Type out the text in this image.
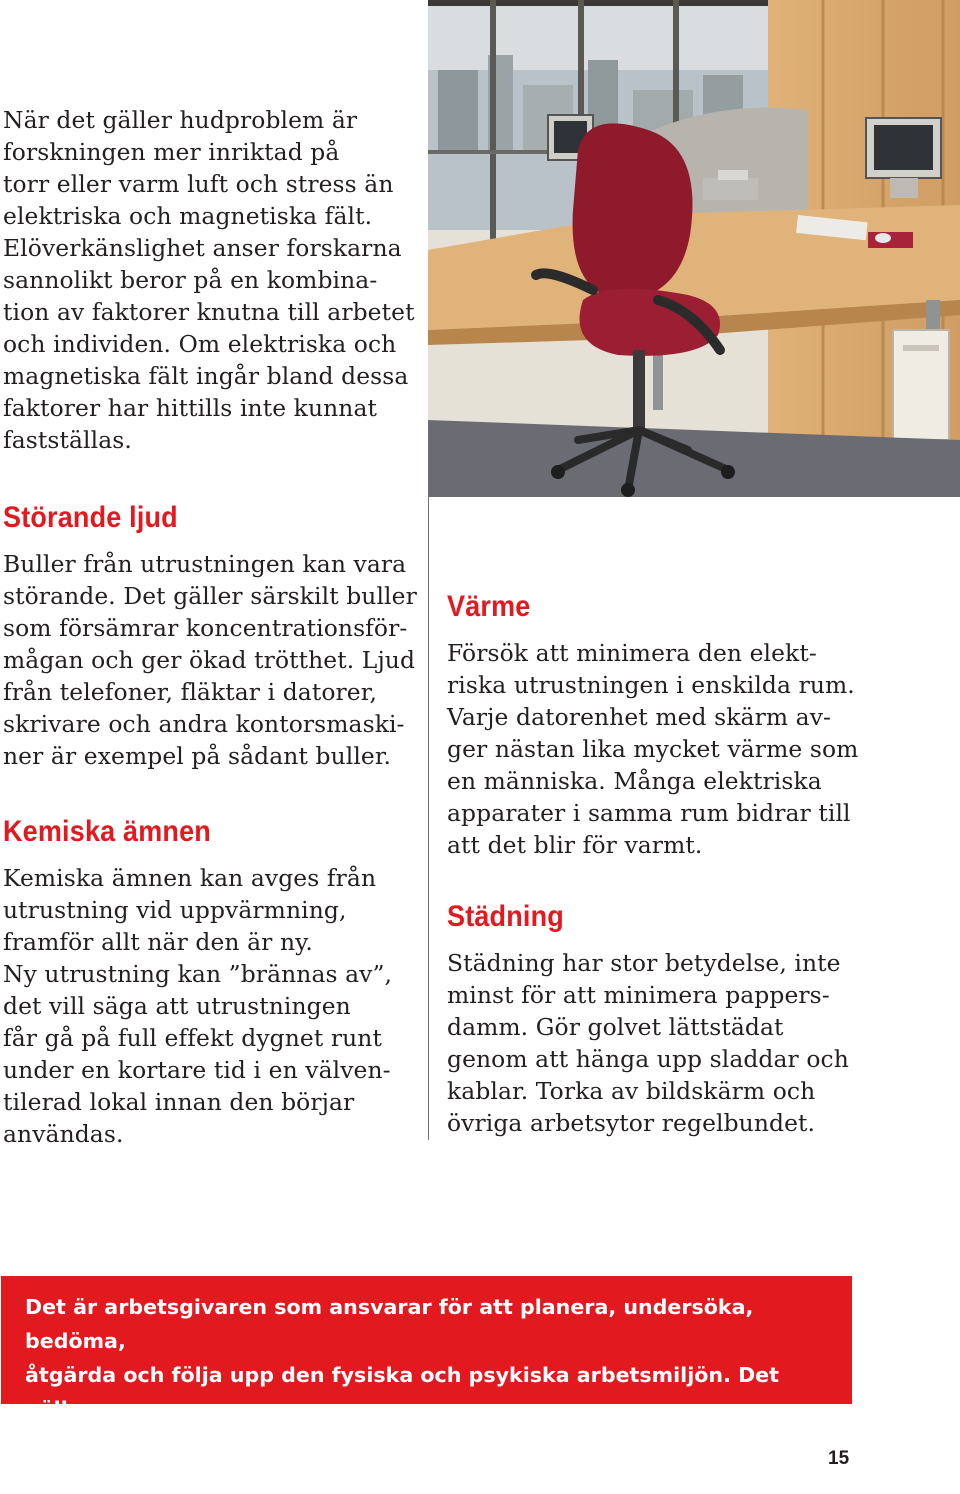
När det gäller hudproblem är
forskningen mer inriktad på
torr eller varm luft och stress än
elektriska och magnetiska fält.
Elöverkänslighet anser forskarna
sannolikt beror på en kombina-
tion av faktorer knutna till arbetet
och individen. Om elektriska och
magnetiska fält ingår bland dessa
faktorer har hittills inte kunnat
fastställas.

Störande ljud

Buller från utrustningen kan vara
störande. Det gäller särskilt buller
som försämrar koncentrationsför-
mågan och ger ökad trötthet. Ljud
från telefoner, fläktar i datorer,
skrivare och andra kontorsmaski-
ner är exempel på sådant buller.

Kemiska ämnen

Kemiska ämnen kan avges från
utrustning vid uppvärmning,
framför allt när den är ny.
Ny utrustning kan ”brännas av”,
det vill säga att utrustningen
får gå på full effekt dygnet runt
under en kortare tid i en välven-
tilerad lokal innan den börjar
användas.

Värme

Försök att minimera den elekt-
riska utrustningen i enskilda rum.
Varje datorenhet med skärm av-
ger nästan lika mycket värme som
en människa. Många elektriska
apparater i samma rum bidrar till
att det blir för varmt.

Städning

Städning har stor betydelse, inte
minst för att minimera pappers-
damm. Gör golvet lättstädat
genom att hänga upp sladdar och
kablar. Torka av bildskärm och
övriga arbetsytor regelbundet.

Det är arbetsgivaren som ansvarar för att planera, undersöka, bedöma,
åtgärda och följa upp den fysiska och psykiska arbetsmiljön. Det gäller
också vid bildskärmsarbete. De anställda ska ges möjlighet att medverka.

15
